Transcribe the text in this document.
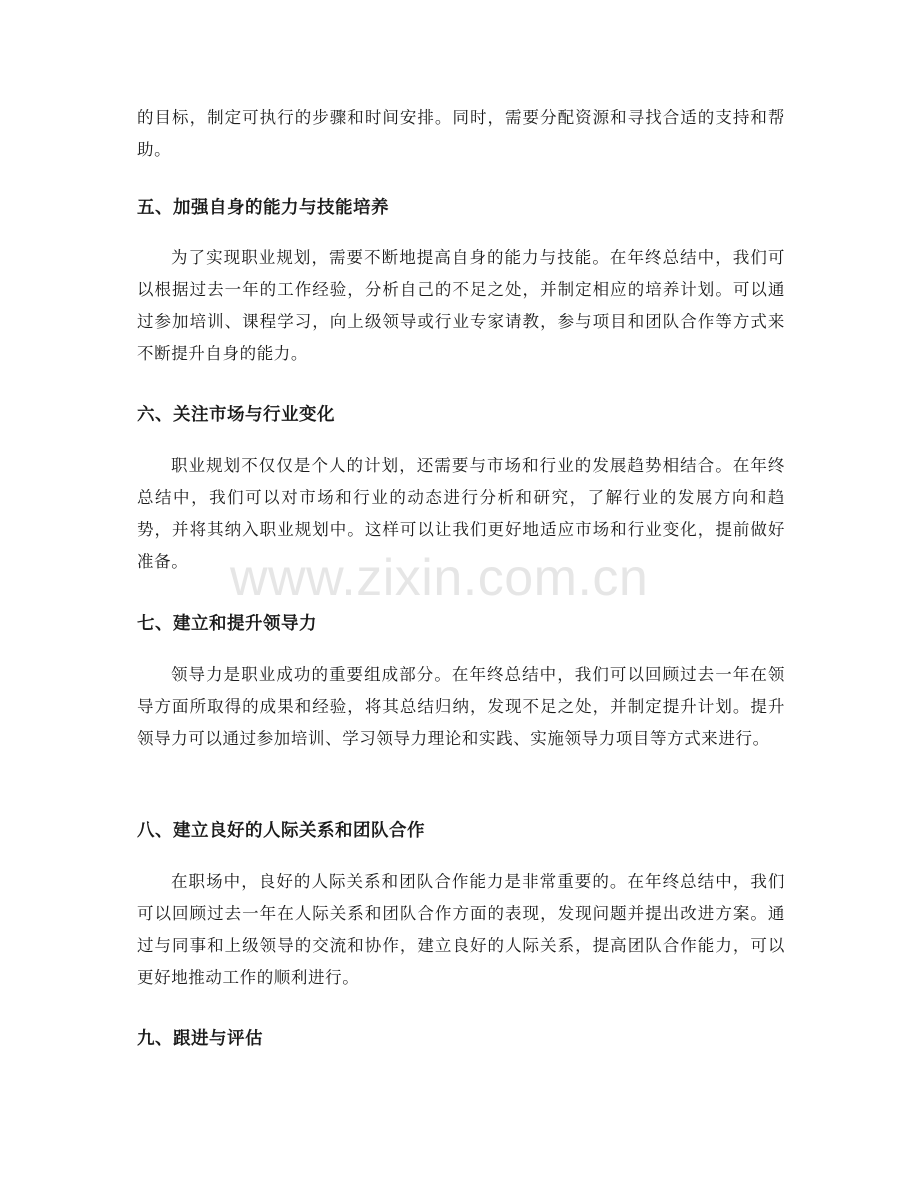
的目标，制定可执行的步骤和时间安排。同时，需要分配资源和寻找合适的支持和帮助。

五、加强自身的能力与技能培养

为了实现职业规划，需要不断地提高自身的能力与技能。在年终总结中，我们可以根据过去一年的工作经验，分析自己的不足之处，并制定相应的培养计划。可以通过参加培训、课程学习，向上级领导或行业专家请教，参与项目和团队合作等方式来不断提升自身的能力。

六、关注市场与行业变化

职业规划不仅仅是个人的计划，还需要与市场和行业的发展趋势相结合。在年终总结中，我们可以对市场和行业的动态进行分析和研究，了解行业的发展方向和趋势，并将其纳入职业规划中。这样可以让我们更好地适应市场和行业变化，提前做好准备。

七、建立和提升领导力

领导力是职业成功的重要组成部分。在年终总结中，我们可以回顾过去一年在领导方面所取得的成果和经验，将其总结归纳，发现不足之处，并制定提升计划。提升领导力可以通过参加培训、学习领导力理论和实践、实施领导力项目等方式来进行。

八、建立良好的人际关系和团队合作

在职场中，良好的人际关系和团队合作能力是非常重要的。在年终总结中，我们可以回顾过去一年在人际关系和团队合作方面的表现，发现问题并提出改进方案。通过与同事和上级领导的交流和协作，建立良好的人际关系，提高团队合作能力，可以更好地推动工作的顺利进行。

九、跟进与评估
www.zixin.com.cn
